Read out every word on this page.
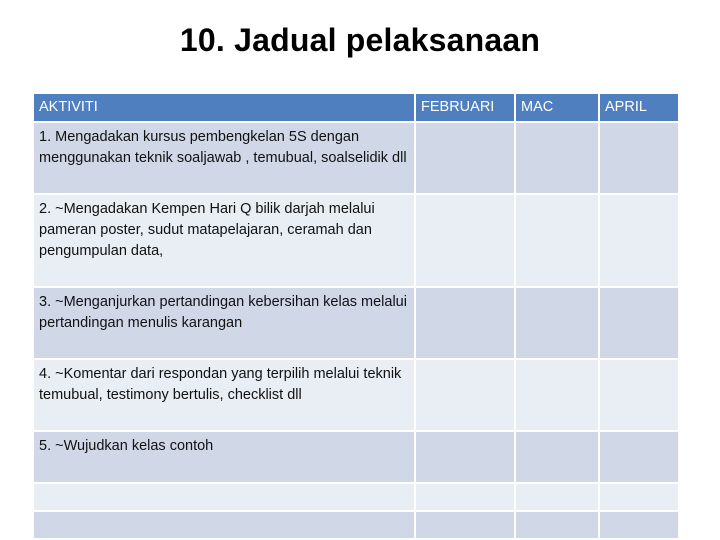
10. Jadual pelaksanaan
AKTIVITI	FEBRUARI	MAC	APRIL

1. Mengadakan kursus pembengkelan 5S dengan menggunakan teknik soaljawab , temubual, soalselidik dll			

2. ~Mengadakan Kempen Hari Q bilik darjah melalui pameran poster, sudut matapelajaran, ceramah dan pengumpulan data,			

3. ~Menganjurkan pertandingan kebersihan kelas melalui pertandingan menulis karangan			

4. ~Komentar dari respondan yang terpilih melalui teknik temubual, testimony bertulis, checklist dll			

5. ~Wujudkan kelas contoh			
